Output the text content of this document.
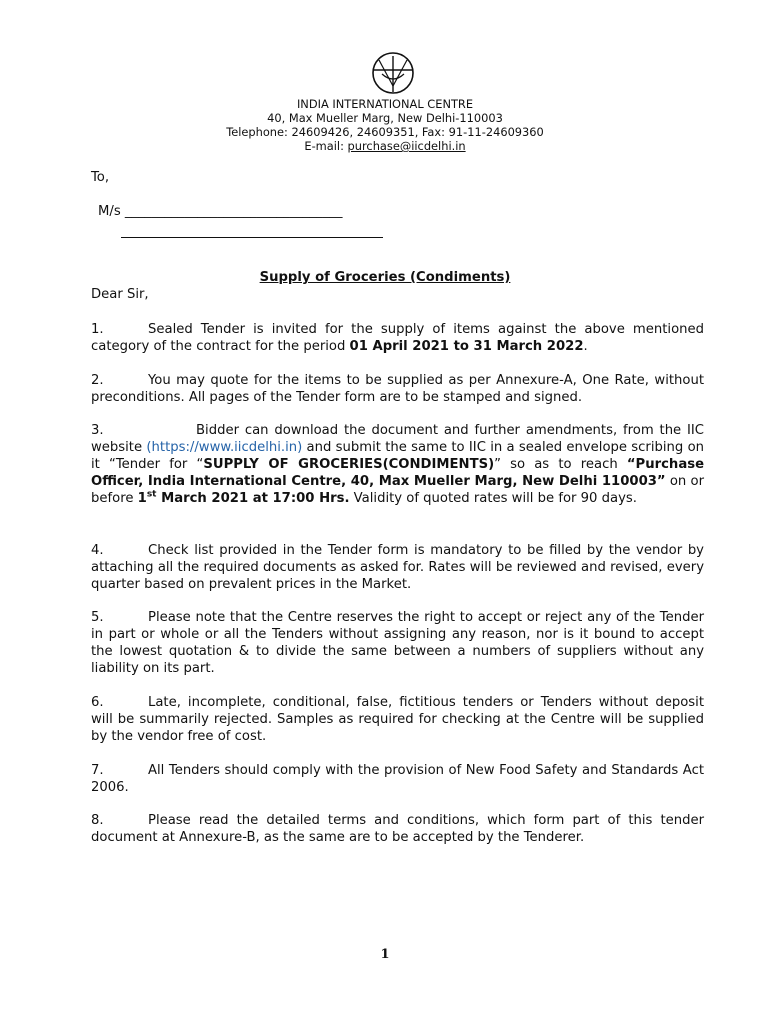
INDIA INTERNATIONAL CENTRE
40, Max Mueller Marg, New Delhi-110003
Telephone: 24609426, 24609351, Fax: 91-11-24609360
E-mail: purchase@iicdelhi.in
To,
M/s _________________________________
Supply of Groceries (Condiments)
Dear Sir,
1.	Sealed Tender is invited for the supply of items against the above mentioned category of the contract for the period 01 April 2021 to 31 March 2022.
2.	You may quote for the items to be supplied as per Annexure-A, One Rate, without preconditions. All pages of the Tender form are to be stamped and signed.
3.	Bidder can download the document and further amendments, from the IIC website (https://www.iicdelhi.in) and submit the same to IIC in a sealed envelope scribing on it “Tender for “SUPPLY OF GROCERIES(CONDIMENTS)” so as to reach “Purchase Officer, India International Centre, 40, Max Mueller Marg, New Delhi 110003” on or before 1st March 2021 at 17:00 Hrs. Validity of quoted rates will be for 90 days.
4.	Check list provided in the Tender form is mandatory to be filled by the vendor by attaching all the required documents as asked for. Rates will be reviewed and revised, every quarter based on prevalent prices in the Market.
5.	Please note that the Centre reserves the right to accept or reject any of the Tender in part or whole or all the Tenders without assigning any reason, nor is it bound to accept the lowest quotation & to divide the same between a numbers of suppliers without any liability on its part.
6.	Late, incomplete, conditional, false, fictitious tenders or Tenders without deposit will be summarily rejected. Samples as required for checking at the Centre will be supplied by the vendor free of cost.
7.	All Tenders should comply with the provision of New Food Safety and Standards Act 2006.
8.	Please read the detailed terms and conditions, which form part of this tender document at Annexure-B, as the same are to be accepted by the Tenderer.
1
